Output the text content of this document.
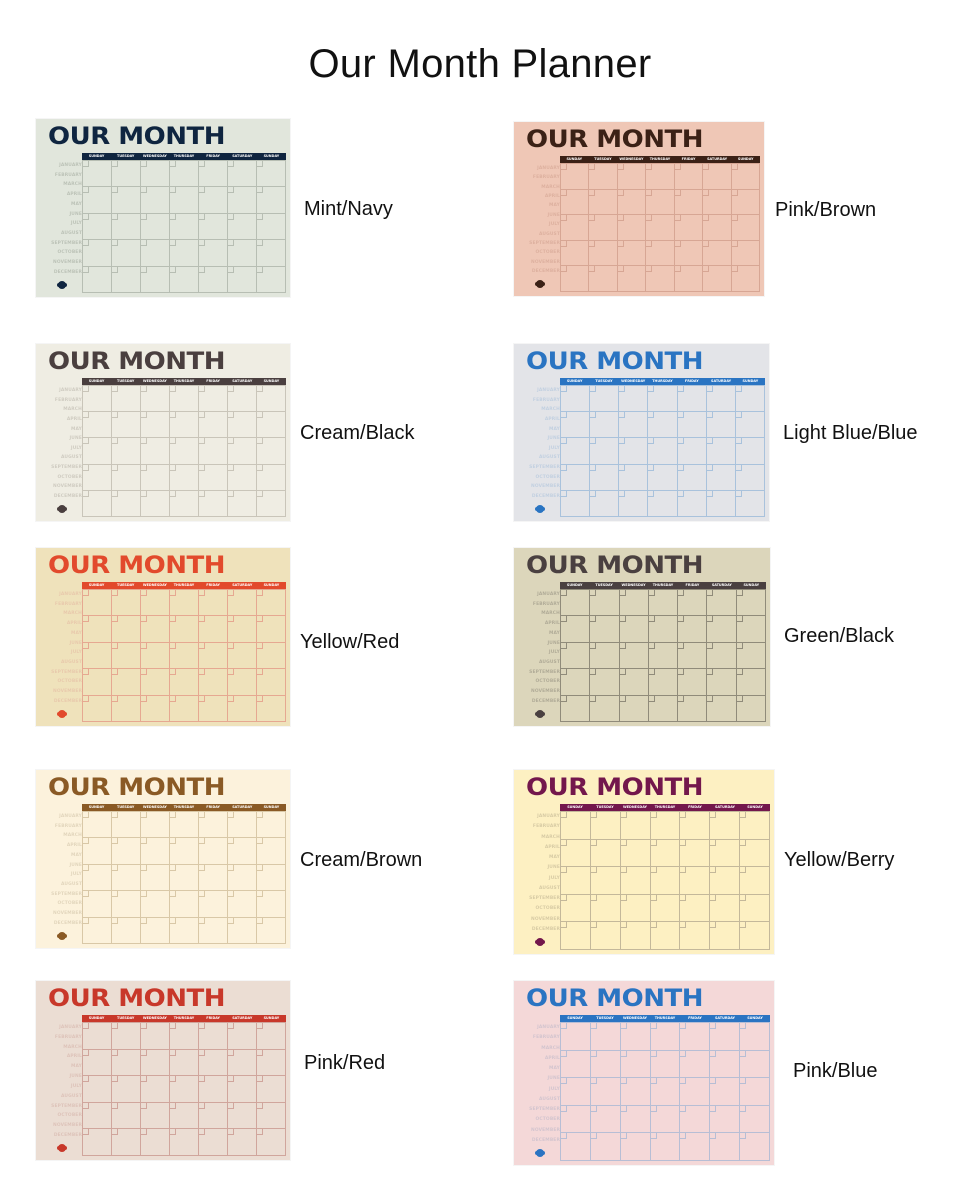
Our Month Planner
OUR MONTH
JANUARY
FEBRUARY
MARCH
APRIL
MAY
JUNE
JULY
AUGUST
SEPTEMBER
OCTOBER
NOVEMBER
DECEMBER
SUNDAY	TUESDAY	WEDNESDAY	THURSDAY	FRIDAY	SATURDAY	SUNDAY
Mint/Navy
OUR MONTH
JANUARY
FEBRUARY
MARCH
APRIL
MAY
JUNE
JULY
AUGUST
SEPTEMBER
OCTOBER
NOVEMBER
DECEMBER
SUNDAY	TUESDAY	WEDNESDAY	THURSDAY	FRIDAY	SATURDAY	SUNDAY
Pink/Brown
OUR MONTH
JANUARY
FEBRUARY
MARCH
APRIL
MAY
JUNE
JULY
AUGUST
SEPTEMBER
OCTOBER
NOVEMBER
DECEMBER
SUNDAY	TUESDAY	WEDNESDAY	THURSDAY	FRIDAY	SATURDAY	SUNDAY
Cream/Black
OUR MONTH
JANUARY
FEBRUARY
MARCH
APRIL
MAY
JUNE
JULY
AUGUST
SEPTEMBER
OCTOBER
NOVEMBER
DECEMBER
SUNDAY	TUESDAY	WEDNESDAY	THURSDAY	FRIDAY	SATURDAY	SUNDAY
Light Blue/Blue
OUR MONTH
JANUARY
FEBRUARY
MARCH
APRIL
MAY
JUNE
JULY
AUGUST
SEPTEMBER
OCTOBER
NOVEMBER
DECEMBER
SUNDAY	TUESDAY	WEDNESDAY	THURSDAY	FRIDAY	SATURDAY	SUNDAY
Yellow/Red
OUR MONTH
JANUARY
FEBRUARY
MARCH
APRIL
MAY
JUNE
JULY
AUGUST
SEPTEMBER
OCTOBER
NOVEMBER
DECEMBER
SUNDAY	TUESDAY	WEDNESDAY	THURSDAY	FRIDAY	SATURDAY	SUNDAY
Green/Black
OUR MONTH
JANUARY
FEBRUARY
MARCH
APRIL
MAY
JUNE
JULY
AUGUST
SEPTEMBER
OCTOBER
NOVEMBER
DECEMBER
SUNDAY	TUESDAY	WEDNESDAY	THURSDAY	FRIDAY	SATURDAY	SUNDAY
Cream/Brown
OUR MONTH
JANUARY
FEBRUARY
MARCH
APRIL
MAY
JUNE
JULY
AUGUST
SEPTEMBER
OCTOBER
NOVEMBER
DECEMBER
SUNDAY	TUESDAY	WEDNESDAY	THURSDAY	FRIDAY	SATURDAY	SUNDAY
Yellow/Berry
OUR MONTH
JANUARY
FEBRUARY
MARCH
APRIL
MAY
JUNE
JULY
AUGUST
SEPTEMBER
OCTOBER
NOVEMBER
DECEMBER
SUNDAY	TUESDAY	WEDNESDAY	THURSDAY	FRIDAY	SATURDAY	SUNDAY
Pink/Red
OUR MONTH
JANUARY
FEBRUARY
MARCH
APRIL
MAY
JUNE
JULY
AUGUST
SEPTEMBER
OCTOBER
NOVEMBER
DECEMBER
SUNDAY	TUESDAY	WEDNESDAY	THURSDAY	FRIDAY	SATURDAY	SUNDAY
Pink/Blue
